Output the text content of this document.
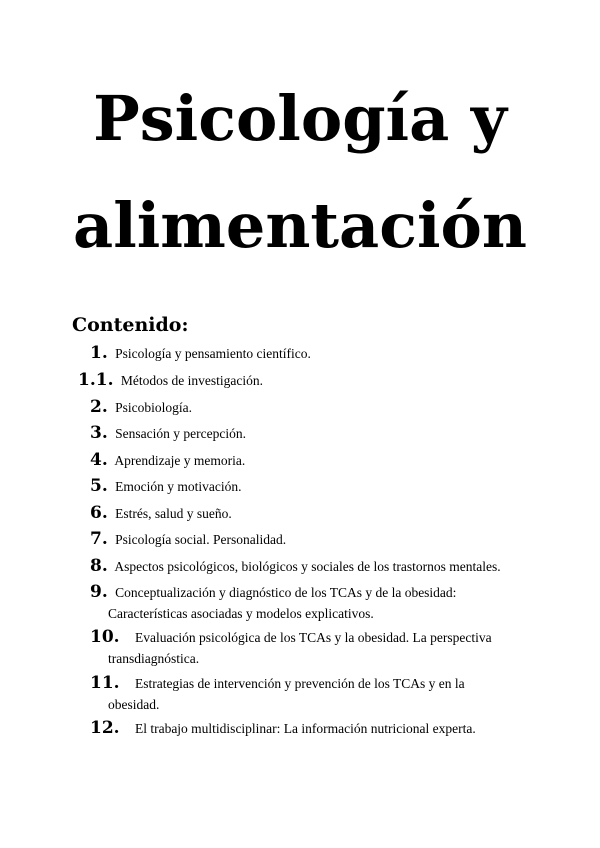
Psicología y
alimentación
Contenido:
1. Psicología y pensamiento científico.
1.1. Métodos de investigación.
2. Psicobiología.
3. Sensación y percepción.
4. Aprendizaje y memoria.
5. Emoción y motivación.
6. Estrés, salud y sueño.
7. Psicología social. Personalidad.
8. Aspectos psicológicos, biológicos y sociales de los trastornos mentales.
9. Conceptualización y diagnóstico de los TCAs y de la obesidad:
Características asociadas y modelos explicativos.
10. Evaluación psicológica de los TCAs y la obesidad. La perspectiva
transdiagnóstica.
11. Estrategias de intervención y prevención de los TCAs y en la
obesidad.
12. El trabajo multidisciplinar: La información nutricional experta.
